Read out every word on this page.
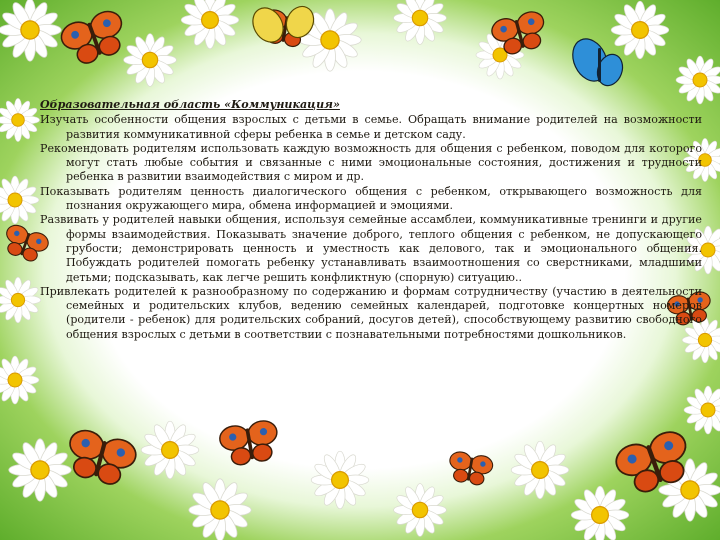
Образовательная область «Коммуникация»

Изучать особенности общения взрослых с детьми в семье. Обращать внимание родителей на возможности развития коммуникативной сферы ребенка в семье и детском саду.

Рекомендовать родителям использовать каждую возможность для общения с ребенком, поводом для которого могут стать любые события и связанные с ними эмоциональные состояния, достижения и трудности ребенка в развитии взаимодействия с миром и др.

Показывать родителям ценность диалогического общения с ребенком, открывающего возможность для познания окружающего мира, обмена информацией и эмоциями.

Развивать у родителей навыки общения, используя семейные ассамблеи, коммуникативные тренинги и другие формы взаимодействия. Показывать значение доброго, теплого общения с ребенком, не допускающего грубости; демонстрировать ценность и уместность как делового, так и эмоционального общения. Побуждать родителей помогать ребенку устанавливать взаимоотношения со сверстниками, младшими детьми; подсказывать, как легче решить конфликтную (спорную) ситуацию..

Привлекать родителей к разнообразному по содержанию и формам сотрудничеству (участию в деятельности семейных и родительских клубов, ведению семейных календарей, подготовке концертных номеров (родители - ребенок) для родительских собраний, досугов детей), способствующему развитию свободного общения взрослых с детьми в соответствии с познавательными потребностями дошкольников.
